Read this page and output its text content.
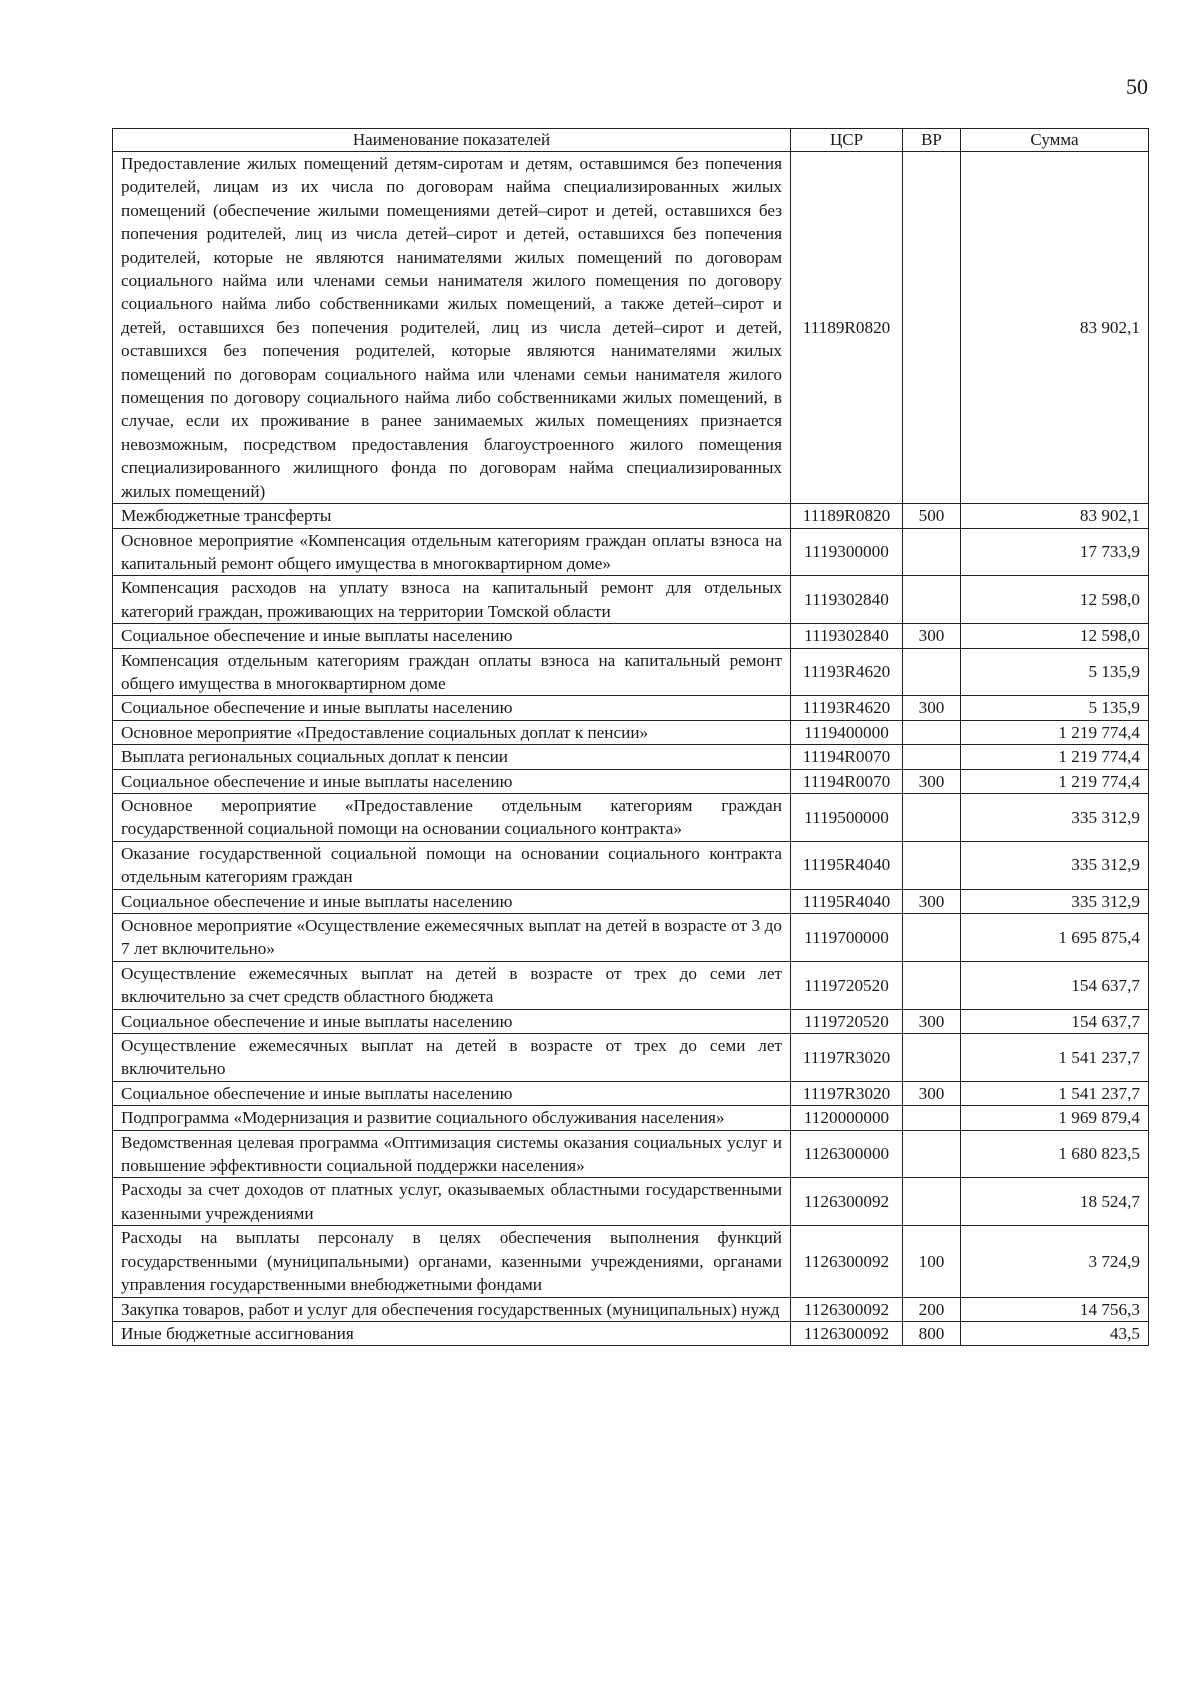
50
Наименование показателей	ЦСР	ВР	Сумма
Предоставление жилых помещений детям-сиротам и детям, оставшимся без попечения родителей, лицам из их числа по договорам найма специализированных жилых помещений (обеспечение жилыми помещениями детей–сирот и детей, оставшихся без попечения родителей, лиц из числа детей–сирот и детей, оставшихся без попечения родителей, которые не являются нанимателями жилых помещений по договорам социального найма или членами семьи нанимателя жилого помещения по договору социального найма либо собственниками жилых помещений, а также детей–сирот и детей, оставшихся без попечения родителей, лиц из числа детей–сирот и детей, оставшихся без попечения родителей, которые являются нанимателями жилых помещений по договорам социального найма или членами семьи нанимателя жилого помещения по договору социального найма либо собственниками жилых помещений, в случае, если их проживание в ранее занимаемых жилых помещениях признается невозможным, посредством предоставления благоустроенного жилого помещения специализированного жилищного фонда по договорам найма специализированных жилых помещений)	11189R0820		83 902,1
Межбюджетные трансферты	11189R0820	500	83 902,1
Основное мероприятие «Компенсация отдельным категориям граждан оплаты взноса на капитальный ремонт общего имущества в многоквартирном доме»	1119300000		17 733,9
Компенсация расходов на уплату взноса на капитальный ремонт для отдельных категорий граждан, проживающих на территории Томской области	1119302840		12 598,0
Социальное обеспечение и иные выплаты населению	1119302840	300	12 598,0
Компенсация отдельным категориям граждан оплаты взноса на капитальный ремонт общего имущества в многоквартирном доме	11193R4620		5 135,9
Социальное обеспечение и иные выплаты населению	11193R4620	300	5 135,9
Основное мероприятие «Предоставление социальных доплат к пенсии»	1119400000		1 219 774,4
Выплата региональных социальных доплат к пенсии	11194R0070		1 219 774,4
Социальное обеспечение и иные выплаты населению	11194R0070	300	1 219 774,4
Основное мероприятие «Предоставление отдельным категориям граждан государственной социальной помощи на основании социального контракта»	1119500000		335 312,9
Оказание государственной социальной помощи на основании социального контракта отдельным категориям граждан	11195R4040		335 312,9
Социальное обеспечение и иные выплаты населению	11195R4040	300	335 312,9
Основное мероприятие «Осуществление ежемесячных выплат на детей в возрасте от 3 до 7 лет включительно»	1119700000		1 695 875,4
Осуществление ежемесячных выплат на детей в возрасте от трех до семи лет включительно за счет средств областного бюджета	1119720520		154 637,7
Социальное обеспечение и иные выплаты населению	1119720520	300	154 637,7
Осуществление ежемесячных выплат на детей в возрасте от трех до семи лет включительно	11197R3020		1 541 237,7
Социальное обеспечение и иные выплаты населению	11197R3020	300	1 541 237,7
Подпрограмма «Модернизация и развитие социального обслуживания населения»	1120000000		1 969 879,4
Ведомственная целевая программа «Оптимизация системы оказания социальных услуг и повышение эффективности социальной поддержки населения»	1126300000		1 680 823,5
Расходы за счет доходов от платных услуг, оказываемых областными государственными казенными учреждениями	1126300092		18 524,7
Расходы на выплаты персоналу в целях обеспечения выполнения функций государственными (муниципальными) органами, казенными учреждениями, органами управления государственными внебюджетными фондами	1126300092	100	3 724,9
Закупка товаров, работ и услуг для обеспечения государственных (муниципальных) нужд	1126300092	200	14 756,3
Иные бюджетные ассигнования	1126300092	800	43,5
